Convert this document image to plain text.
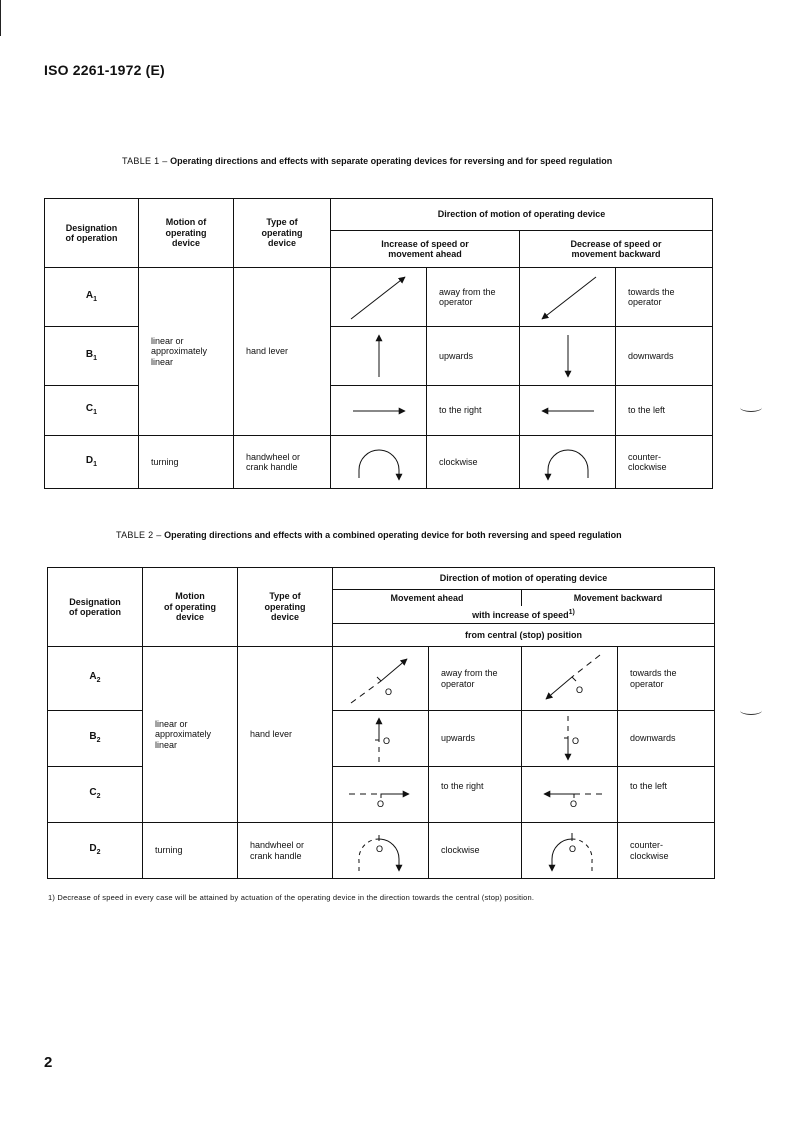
ISO 2261-1972 (E)
TABLE 1 – Operating directions and effects with separate operating devices for reversing and for speed regulation
Designation
of operation	Motion of
operating
device	Type of
operating
device	Direction of motion of operating device			
			Increase of speed or
movement ahead		Decrease of speed or
movement backward	
$A_1$	linear or
approximately
linear	hand lever		away from the
operator		towards the
operator
$B_1$				upwards		downwards
$C_1$				to the right		to the left
$D_1$	turning	handwheel or
crank handle		clockwise		counter-
clockwise
TABLE 2 – Operating directions and effects with a combined operating device for both reversing and speed regulation
Designation
of operation	Motion
of operating
device	Type of
operating
device	Direction of motion of operating device			
			Movement ahead		Movement backward	
			with increase of speed$^{1)}$
			from central (stop) position			
$A_2$	linear or
approximately
linear	hand lever	O	away from the
operator	O	towards the
operator
$B_2$			O	upwards	O	downwards
$C_2$			O	to the right	O	to the left
$D_2$	turning	handwheel or
crank handle	O	clockwise	O	counter-
clockwise
1) Decrease of speed in every case will be attained by actuation of the operating device in the direction towards the central (stop) position.
2
